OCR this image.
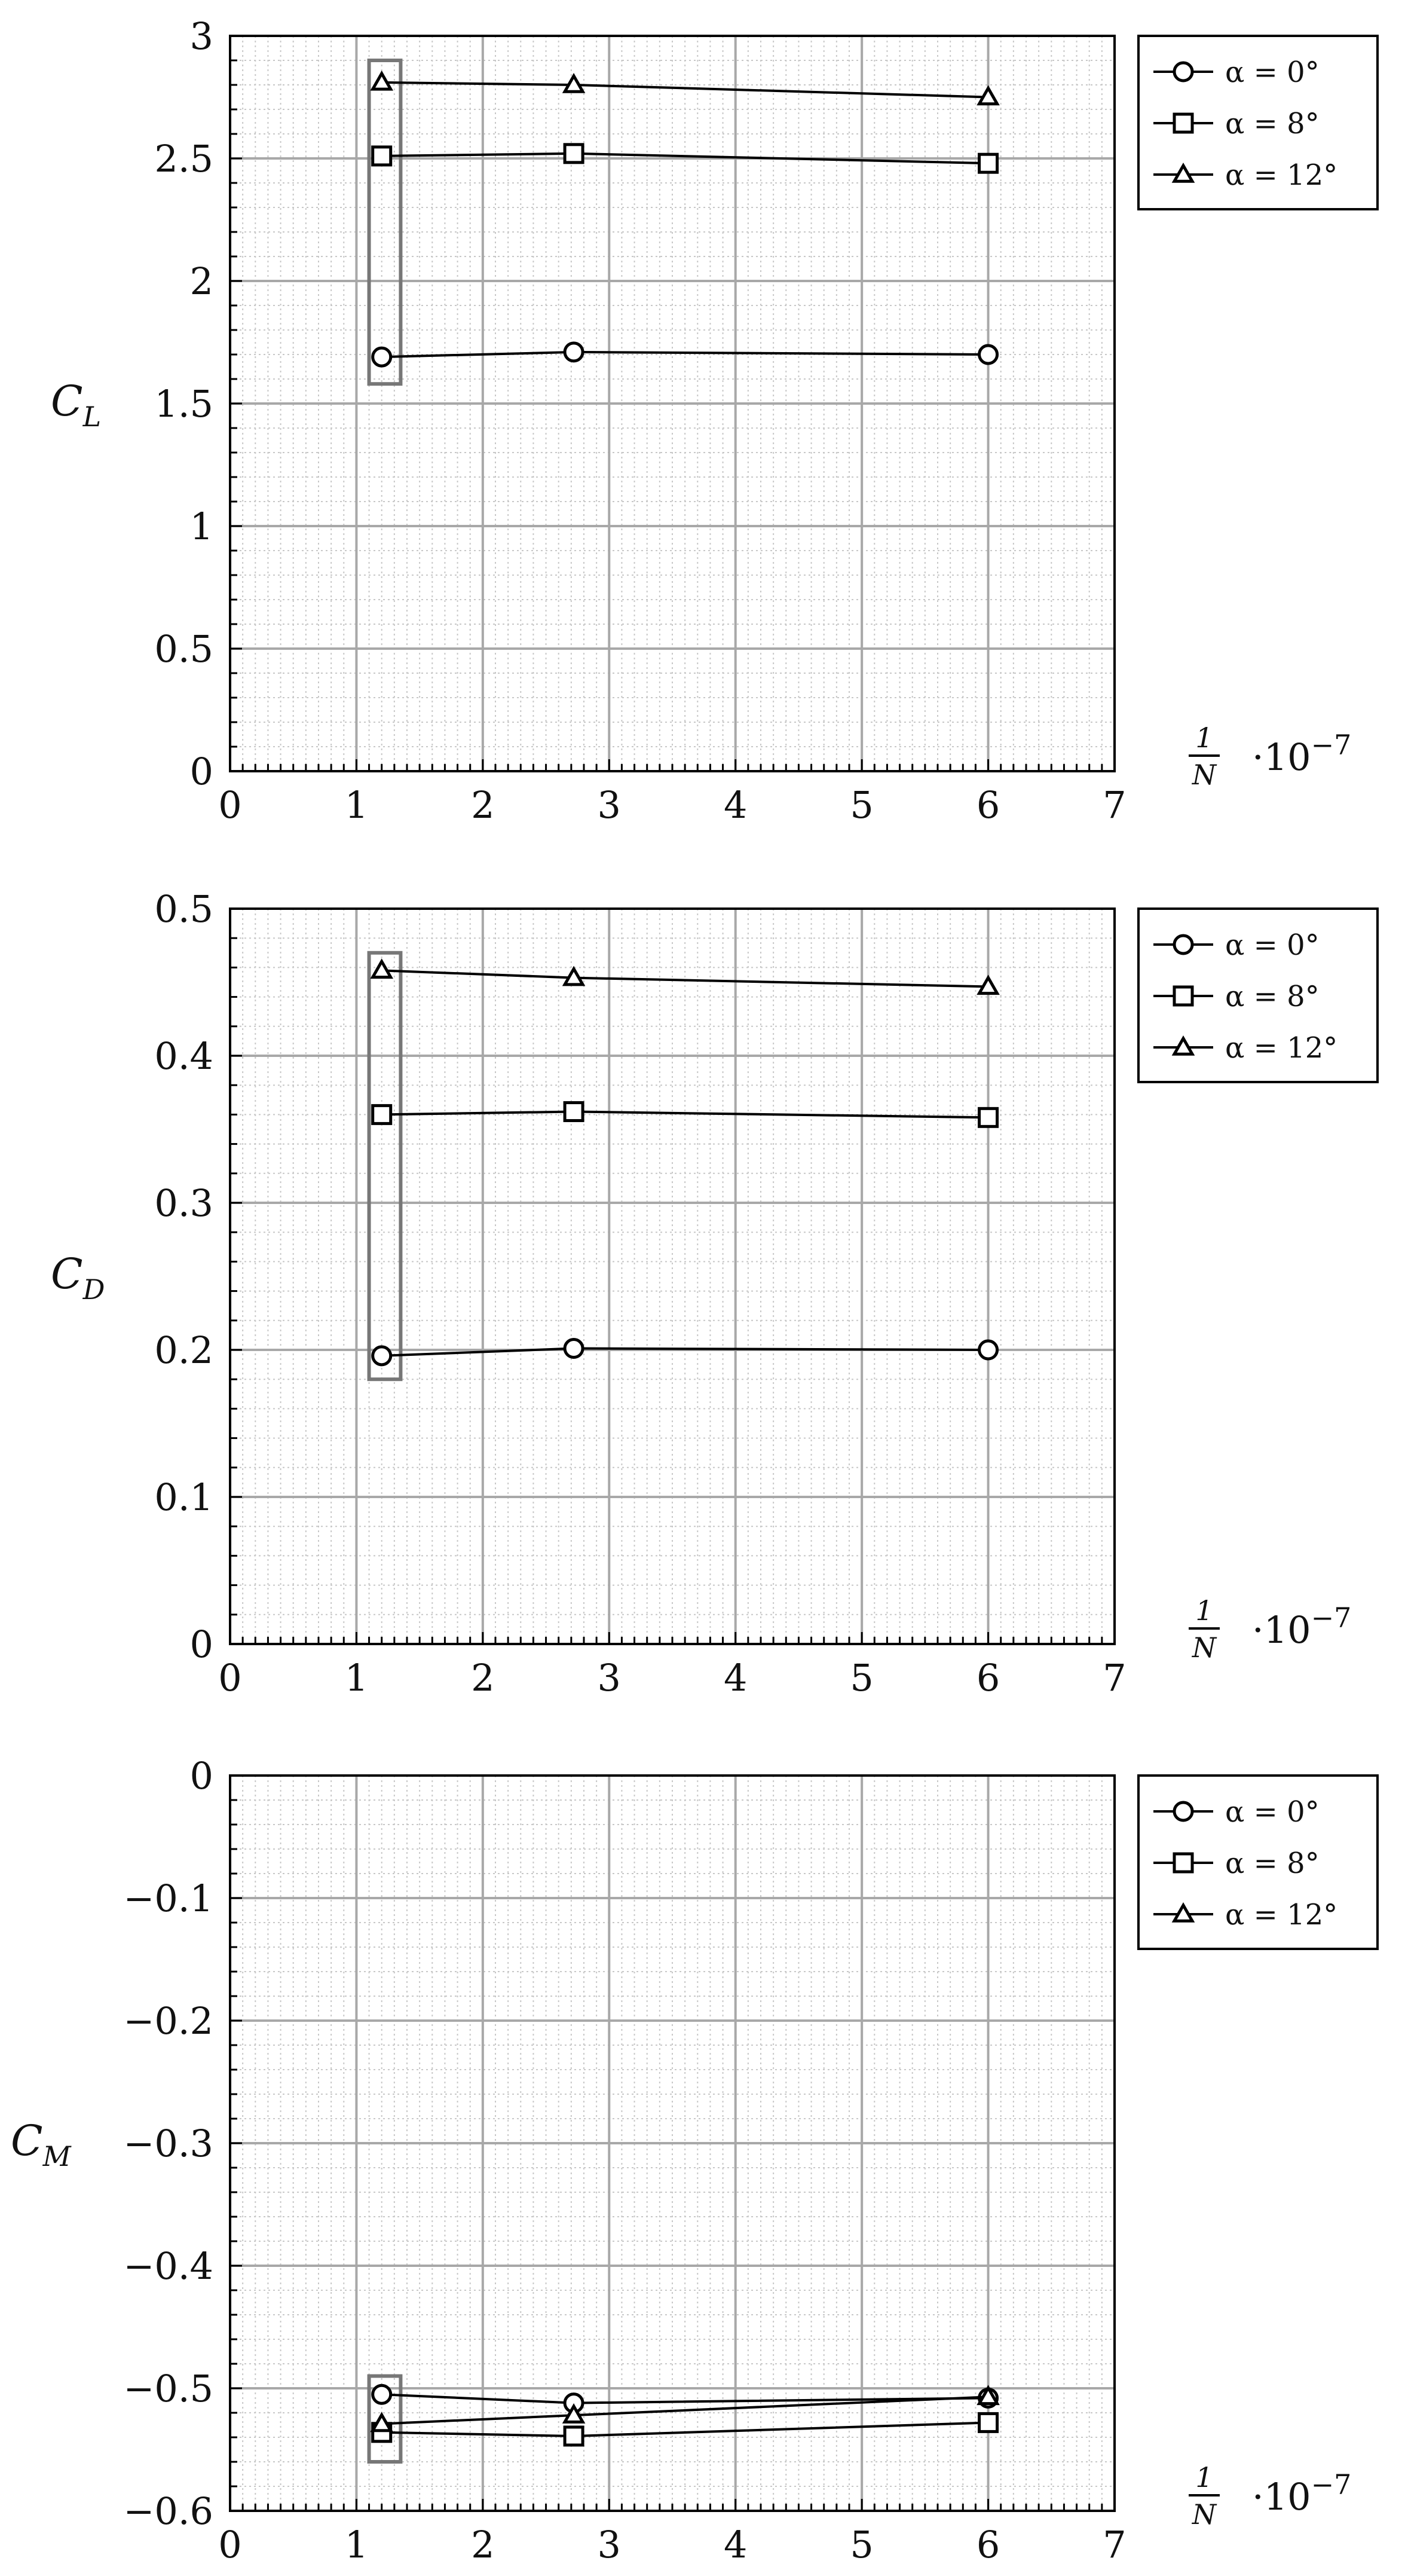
0	1	2	3	4	5	6	7
0
0.5
1
1.5
2
2.5
3
$C_L$
1
$N \cdot 10^{-7}$
α = 0°
α = 8°
α = 12°
0	1	2	3	4	5	6	7
0
0.1
0.2
0.3
0.4
0.5
$C_D$
1
$N \cdot 10^{-7}$
α = 0°
α = 8°
α = 12°
0	1	2	3	4	5	6	7
−0.6
−0.5
−0.4
−0.3
−0.2
−0.1
0
$C_M$
1
$N \cdot 10^{-7}$
α = 0°
α = 8°
α = 12°
